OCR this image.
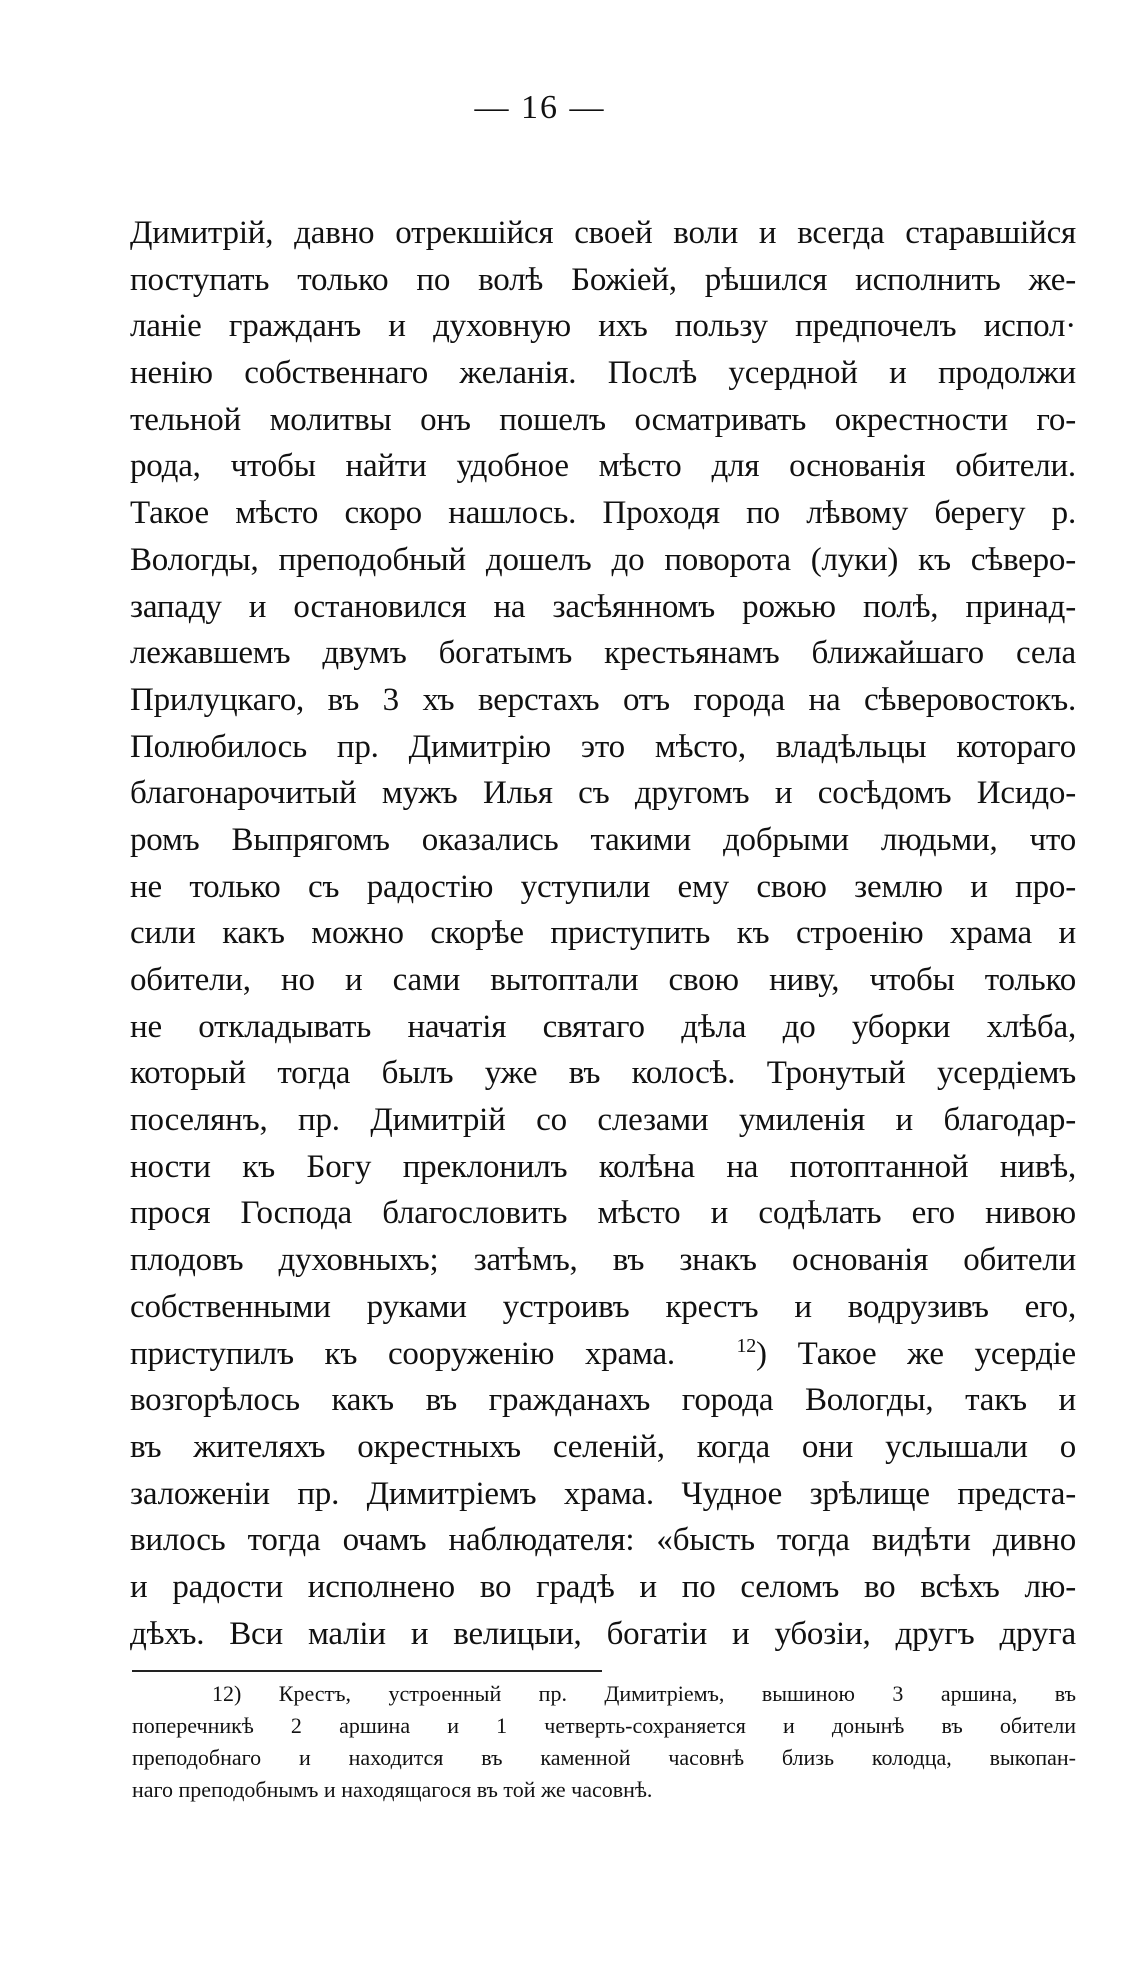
— 16 —
Димитрій, давно отрекшійся своей воли и всегда старавшійся
поступать только по волѣ Божіей, рѣшился исполнить же-
ланіе гражданъ и духовную ихъ пользу предпочелъ испол·
ненію собственнаго желанія. Послѣ усердной и продолжи
тельной молитвы онъ пошелъ осматривать окрестности го-
рода, чтобы найти удобное мѣсто для основанія обители.
Такое мѣсто скоро нашлось. Проходя по лѣвому берегу р.
Вологды, преподобный дошелъ до поворота (луки) къ сѣверо-
западу и остановился на засѣянномъ рожью полѣ, принад-
лежавшемъ двумъ богатымъ крестьянамъ ближайшаго села
Прилуцкаго, въ 3 хъ верстахъ отъ города на сѣверовостокъ.
Полюбилось пр. Димитрію это мѣсто, владѣльцы котораго
благонарочитый мужъ Илья съ другомъ и сосѣдомъ Исидо-
ромъ Выпрягомъ оказались такими добрыми людьми, что
не только съ радостію уступили ему свою землю и про-
сили какъ можно скорѣе приступить къ строенію храма и
обители, но и сами вытоптали свою ниву, чтобы только
не откладывать начатія святаго дѣла до уборки хлѣба,
который тогда былъ уже въ колосѣ. Тронутый усердіемъ
поселянъ, пр. Димитрій со слезами умиленія и благодар-
ности къ Богу преклонилъ колѣна на потоптанной нивѣ,
прося Господа благословить мѣсто и содѣлать его нивою
плодовъ духовныхъ; затѣмъ, въ знакъ основанія обители
собственными руками устроивъ крестъ и водрузивъ его,
приступилъ къ сооруженію храма.	$^{12}$) Такое же усердіе
возгорѣлось какъ въ гражданахъ города Вологды, такъ и
въ жителяхъ окрестныхъ селеній, когда они услышали о
заложеніи пр. Димитріемъ храма. Чудное зрѣлище предста-
вилось тогда очамъ наблюдателя: «бысть тогда видѣти дивно
и радости исполнено во градѣ и по селомъ во всѣхъ лю-
дѣхъ. Вси маліи и велицыи, богатіи и убозіи, другъ друга
12) Крестъ, устроенный пр. Димитріемъ, вышиною 3 аршина, въ
поперечникѣ 2 аршина и 1 четверть-сохраняется и донынѣ въ обители
преподобнаго и находится въ каменной часовнѣ близь колодца, выкопан-
наго преподобнымъ и находящагося въ той же часовнѣ.
